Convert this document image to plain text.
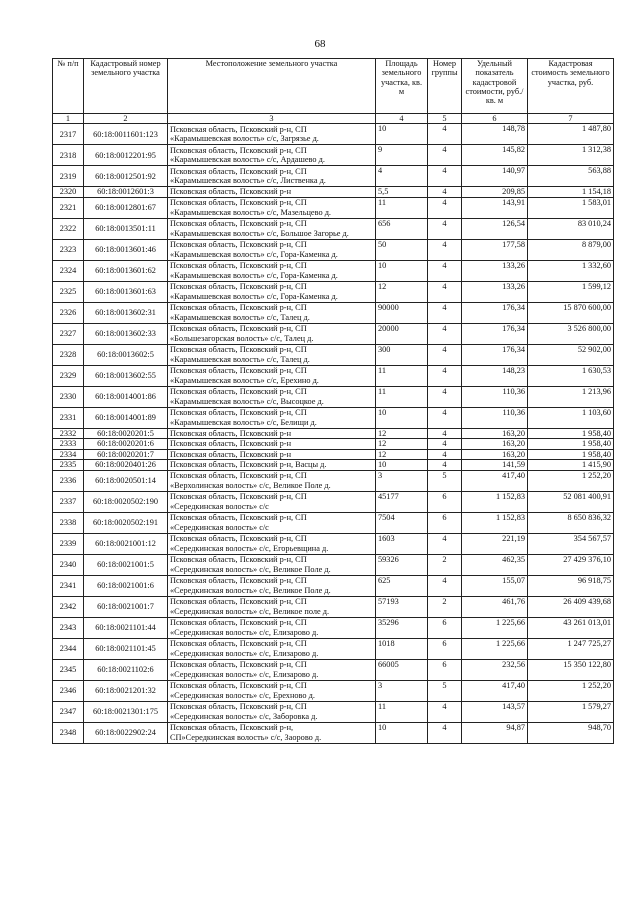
68
№ п/п	Кадастровый номер земельного участка	Местоположение земельного участка	Площадь земельного участка, кв. м	Номер группы	Удельный показатель кадастровой стоимости, руб./кв. м	Кадастровая стоимость земельного участка, руб.
1	2	3	4	5	6	7
2317	60:18:0011601:123	Псковская область, Псковский р-н, СП
«Карамышевская волость» с/с, Загрязье д.	10	4	148,78	1 487,80
2318	60:18:0012201:95	Псковская область, Псковский р-н, СП
«Карамышевская волость» с/с, Ардашево д.	9	4	145,82	1 312,38
2319	60:18:0012501:92	Псковская область, Псковский р-н, СП
«Карамышевская волость» с/с, Лиственка д.	4	4	140,97	563,88
2320	60:18:0012601:3	Псковская область, Псковский р-н	5,5	4	209,85	1 154,18
2321	60:18:0012801:67	Псковская область, Псковский р-н, СП
«Карамышевская волость» с/с, Мазельцево д.	11	4	143,91	1 583,01
2322	60:18:0013501:11	Псковская область, Псковский р-н, СП
«Карамышевская волость» с/с, Большое Загорье д.	656	4	126,54	83 010,24
2323	60:18:0013601:46	Псковская область, Псковский р-н, СП
«Карамышевская волость» с/с, Гора-Каменка д.	50	4	177,58	8 879,00
2324	60:18:0013601:62	Псковская область, Псковский р-н, СП
«Карамышевская волость» с/с, Гора-Каменка д.	10	4	133,26	1 332,60
2325	60:18:0013601:63	Псковская область, Псковский р-н, СП
«Карамышевская волость» с/с, Гора-Каменка д.	12	4	133,26	1 599,12
2326	60:18:0013602:31	Псковская область, Псковский р-н, СП
«Карамышевская волость» с/с, Талец д.	90000	4	176,34	15 870 600,00
2327	60:18:0013602:33	Псковская область, Псковский р-н, СП
«Большезагорская волость» с/с, Талец д.	20000	4	176,34	3 526 800,00
2328	60:18:0013602:5	Псковская область, Псковский р-н, СП
«Карамышевская волость» с/с, Талец д.	300	4	176,34	52 902,00
2329	60:18:0013602:55	Псковская область, Псковский р-н, СП
«Карамышевская волость» с/с, Ерехино д.	11	4	148,23	1 630,53
2330	60:18:0014001:86	Псковская область, Псковский р-н, СП
«Карамышевская волость» с/с, Высоцкое д.	11	4	110,36	1 213,96
2331	60:18:0014001:89	Псковская область, Псковский р-н, СП
«Карамышевская волость» с/с, Белищи д.	10	4	110,36	1 103,60
2332	60:18:0020201:5	Псковская область, Псковский р-н	12	4	163,20	1 958,40
2333	60:18:0020201:6	Псковская область, Псковский р-н	12	4	163,20	1 958,40
2334	60:18:0020201:7	Псковская область, Псковский р-н	12	4	163,20	1 958,40
2335	60:18:0020401:26	Псковская область, Псковский р-н, Васцы д.	10	4	141,59	1 415,90
2336	60:18:0020501:14	Псковская область, Псковский р-н, СП
«Верхолинская волость» с/с, Великое Поле д.	3	5	417,40	1 252,20
2337	60:18:0020502:190	Псковская область, Псковский р-н, СП
«Середкинская волость» с/с	45177	6	1 152,83	52 081 400,91
2338	60:18:0020502:191	Псковская область, Псковский р-н, СП
«Середкинская волость» с/с	7504	6	1 152,83	8 650 836,32
2339	60:18:0021001:12	Псковская область, Псковский р-н, СП
«Середкинская волость» с/с, Егорьевщина д.	1603	4	221,19	354 567,57
2340	60:18:0021001:5	Псковская область, Псковский р-н, СП
«Середкинская волость» с/с, Великое Поле д.	59326	2	462,35	27 429 376,10
2341	60:18:0021001:6	Псковская область, Псковский р-н, СП
«Середкинская волость» с/с, Великое Поле д.	625	4	155,07	96 918,75
2342	60:18:0021001:7	Псковская область, Псковский р-н, СП
«Середкинская волость» с/с, Великое поле д.	57193	2	461,76	26 409 439,68
2343	60:18:0021101:44	Псковская область, Псковский р-н, СП
«Середкинская волость» с/с, Елизарово д.	35296	6	1 225,66	43 261 013,01
2344	60:18:0021101:45	Псковская область, Псковский р-н, СП
«Середкинская волость» с/с, Елизарово д.	1018	6	1 225,66	1 247 725,27
2345	60:18:0021102:6	Псковская область, Псковский р-н, СП
«Середкинская волость» с/с, Елизарово д.	66005	6	232,56	15 350 122,80
2346	60:18:0021201:32	Псковская область, Псковский р-н, СП
«Середкинская волость» с/с, Ерехново д.	3	5	417,40	1 252,20
2347	60:18:0021301:175	Псковская область, Псковский р-н, СП
«Середкинская волость» с/с, Заборовка д.	11	4	143,57	1 579,27
2348	60:18:0022902:24	Псковская область, Псковский р-н,
СП»Середкинская волость» с/с, Заорово д.	10	4	94,87	948,70
